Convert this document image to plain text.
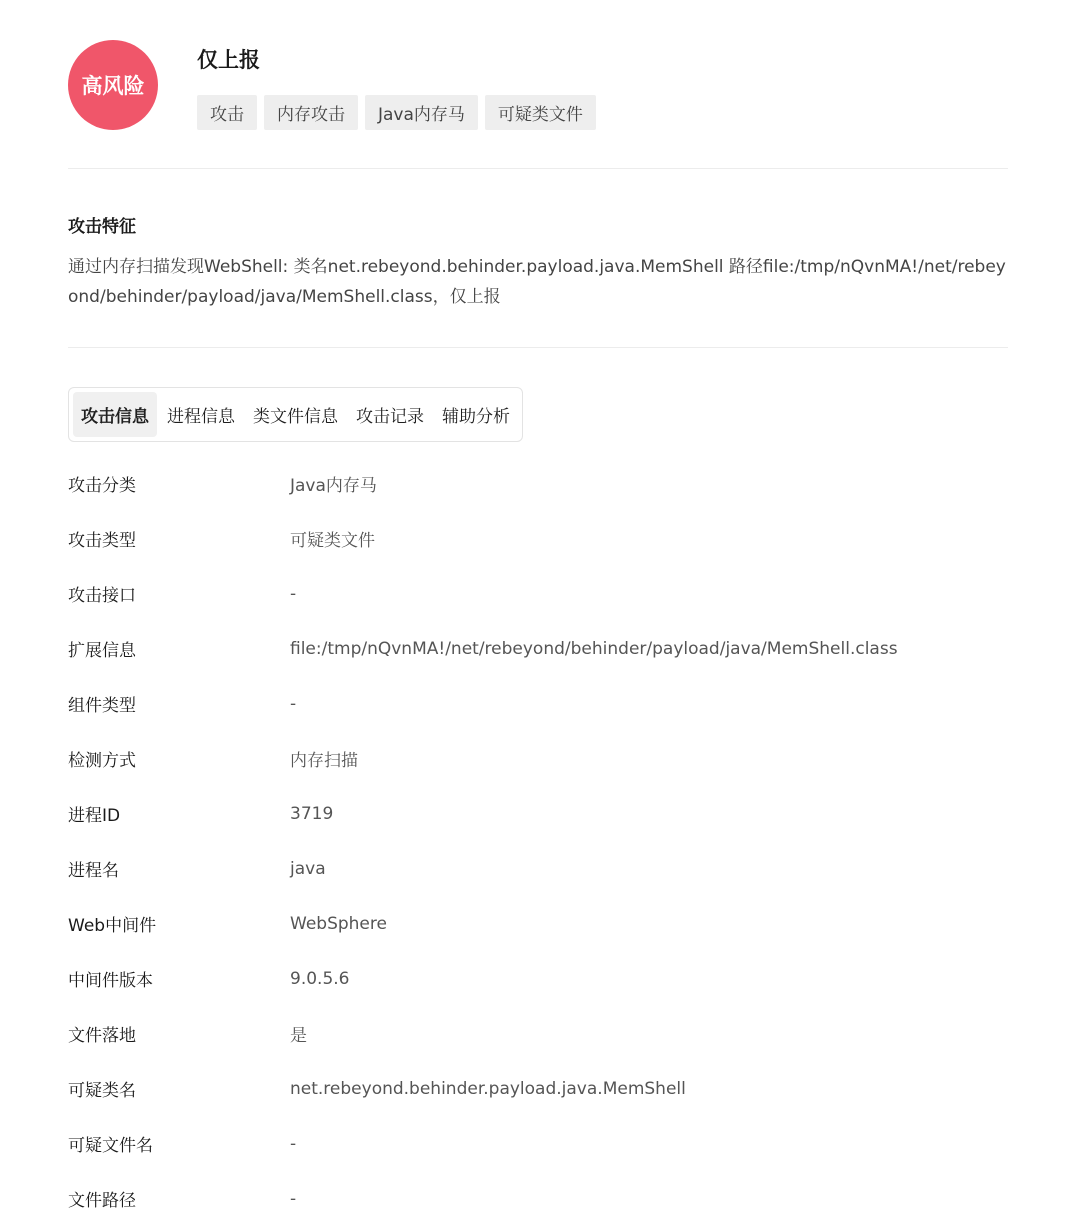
高风险
仅上报
攻击	内存攻击	Java内存马	可疑类文件
攻击特征
通过内存扫描发现WebShell: 类名net.rebeyond.behinder.payload.java.MemShell 路径file:/tmp/nQvnMA!/net/rebeyond/behinder/payload/java/MemShell.class，仅上报
攻击信息	进程信息	类文件信息	攻击记录	辅助分析
攻击分类	Java内存马
攻击类型	可疑类文件
攻击接口	-
扩展信息	file:/tmp/nQvnMA!/net/rebeyond/behinder/payload/java/MemShell.class
组件类型	-
检测方式	内存扫描
进程ID	3719
进程名	java
Web中间件	WebSphere
中间件版本	9.0.5.6
文件落地	是
可疑类名	net.rebeyond.behinder.payload.java.MemShell
可疑文件名	-
文件路径	-
